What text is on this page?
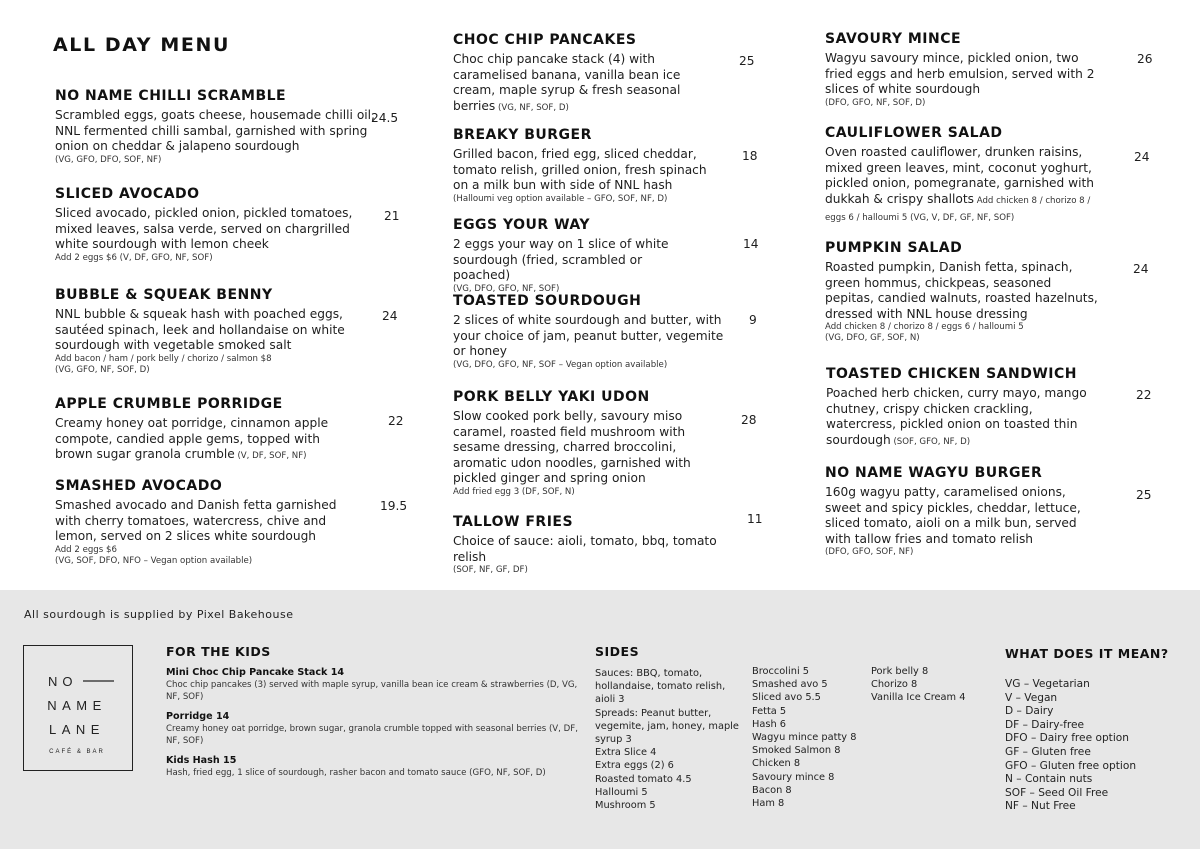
ALL DAY MENU
NO NAME CHILLI SCRAMBLE
Scrambled eggs, goats cheese, housemade chilli oil, NNL fermented chilli sambal, garnished with spring onion on cheddar & jalapeno sourdough
(VG, GFO, DFO, SOF, NF)
24.5
SLICED AVOCADO
Sliced avocado, pickled onion, pickled tomatoes, mixed leaves, salsa verde, served on chargrilled white sourdough with lemon cheek
Add 2 eggs $6 (V, DF, GFO, NF, SOF)
21
BUBBLE & SQUEAK BENNY
NNL bubble & squeak hash with poached eggs, sautéed spinach, leek and hollandaise on white sourdough with vegetable smoked salt
Add bacon / ham / pork belly / chorizo / salmon $8
(VG, GFO, NF, SOF, D)
24
APPLE CRUMBLE PORRIDGE
Creamy honey oat porridge, cinnamon apple compote, candied apple gems, topped with brown sugar granola crumble (V, DF, SOF, NF)
22
SMASHED AVOCADO
Smashed avocado and Danish fetta garnished with cherry tomatoes, watercress, chive and lemon, served on 2 slices white sourdough
Add 2 eggs $6
(VG, SOF, DFO, NFO – Vegan option available)
19.5
CHOC CHIP PANCAKES
Choc chip pancake stack (4) with caramelised banana, vanilla bean ice cream, maple syrup & fresh seasonal berries (VG, NF, SOF, D)
25
BREAKY BURGER
Grilled bacon, fried egg, sliced cheddar, tomato relish, grilled onion, fresh spinach on a milk bun with side of NNL hash
(Halloumi veg option available – GFO, SOF, NF, D)
18
EGGS YOUR WAY
2 eggs your way on 1 slice of white sourdough (fried, scrambled or poached)
(VG, DFO, GFO, NF, SOF)
14
TOASTED SOURDOUGH
2 slices of white sourdough and butter, with your choice of jam, peanut butter, vegemite or honey
(VG, DFO, GFO, NF, SOF – Vegan option available)
9
PORK BELLY YAKI UDON
Slow cooked pork belly, savoury miso caramel, roasted field mushroom with sesame dressing, charred broccolini, aromatic udon noodles, garnished with pickled ginger and spring onion
Add fried egg 3 (DF, SOF, N)
28
TALLOW FRIES
Choice of sauce: aioli, tomato, bbq, tomato relish
(SOF, NF, GF, DF)
11
SAVOURY MINCE
Wagyu savoury mince, pickled onion, two fried eggs and herb emulsion, served with 2 slices of white sourdough
(DFO, GFO, NF, SOF, D)
26
CAULIFLOWER SALAD
Oven roasted cauliflower, drunken raisins, mixed green leaves, mint, coconut yoghurt, pickled onion, pomegranate, garnished with dukkah & crispy shallots Add chicken 8 / chorizo 8 / eggs 6 / halloumi 5 (VG, V, DF, GF, NF, SOF)
24
PUMPKIN SALAD
Roasted pumpkin, Danish fetta, spinach, green hommus, chickpeas, seasoned pepitas, candied walnuts, roasted hazelnuts, dressed with NNL house dressing
Add chicken 8 / chorizo 8 / eggs 6 / halloumi 5
(VG, DFO, GF, SOF, N)
24
TOASTED CHICKEN SANDWICH
Poached herb chicken, curry mayo, mango chutney, crispy chicken crackling, watercress, pickled onion on toasted thin sourdough (SOF, GFO, NF, D)
22
NO NAME WAGYU BURGER
160g wagyu patty, caramelised onions, sweet and spicy pickles, cheddar, lettuce, sliced tomato, aioli on a milk bun, served with tallow fries and tomato relish
(DFO, GFO, SOF, NF)
25
All sourdough is supplied by Pixel Bakehouse
NO
NAME
LANE
CAFÉ & BAR
FOR THE KIDS
Mini Choc Chip Pancake Stack 14
Choc chip pancakes (3) served with maple syrup, vanilla bean ice cream & strawberries (D, VG, NF, SOF)
Porridge 14
Creamy honey oat porridge, brown sugar, granola crumble topped with seasonal berries (V, DF, NF, SOF)
Kids Hash 15
Hash, fried egg, 1 slice of sourdough, rasher bacon and tomato sauce (GFO, NF, SOF, D)
SIDES
Sauces: BBQ, tomato, hollandaise, tomato relish, aioli 3
Spreads: Peanut butter, vegemite, jam, honey, maple syrup 3
Extra Slice 4
Extra eggs (2) 6
Roasted tomato 4.5
Halloumi 5
Mushroom 5
Broccolini 5
Smashed avo 5
Sliced avo 5.5
Fetta 5
Hash 6
Wagyu mince patty 8
Smoked Salmon 8
Chicken 8
Savoury mince 8
Bacon 8
Ham 8
Pork belly 8
Chorizo 8
Vanilla Ice Cream 4
WHAT DOES IT MEAN?
VG – Vegetarian
V – Vegan
D – Dairy
DF – Dairy-free
DFO – Dairy free option
GF – Gluten free
GFO – Gluten free option
N – Contain nuts
SOF – Seed Oil Free
NF – Nut Free
